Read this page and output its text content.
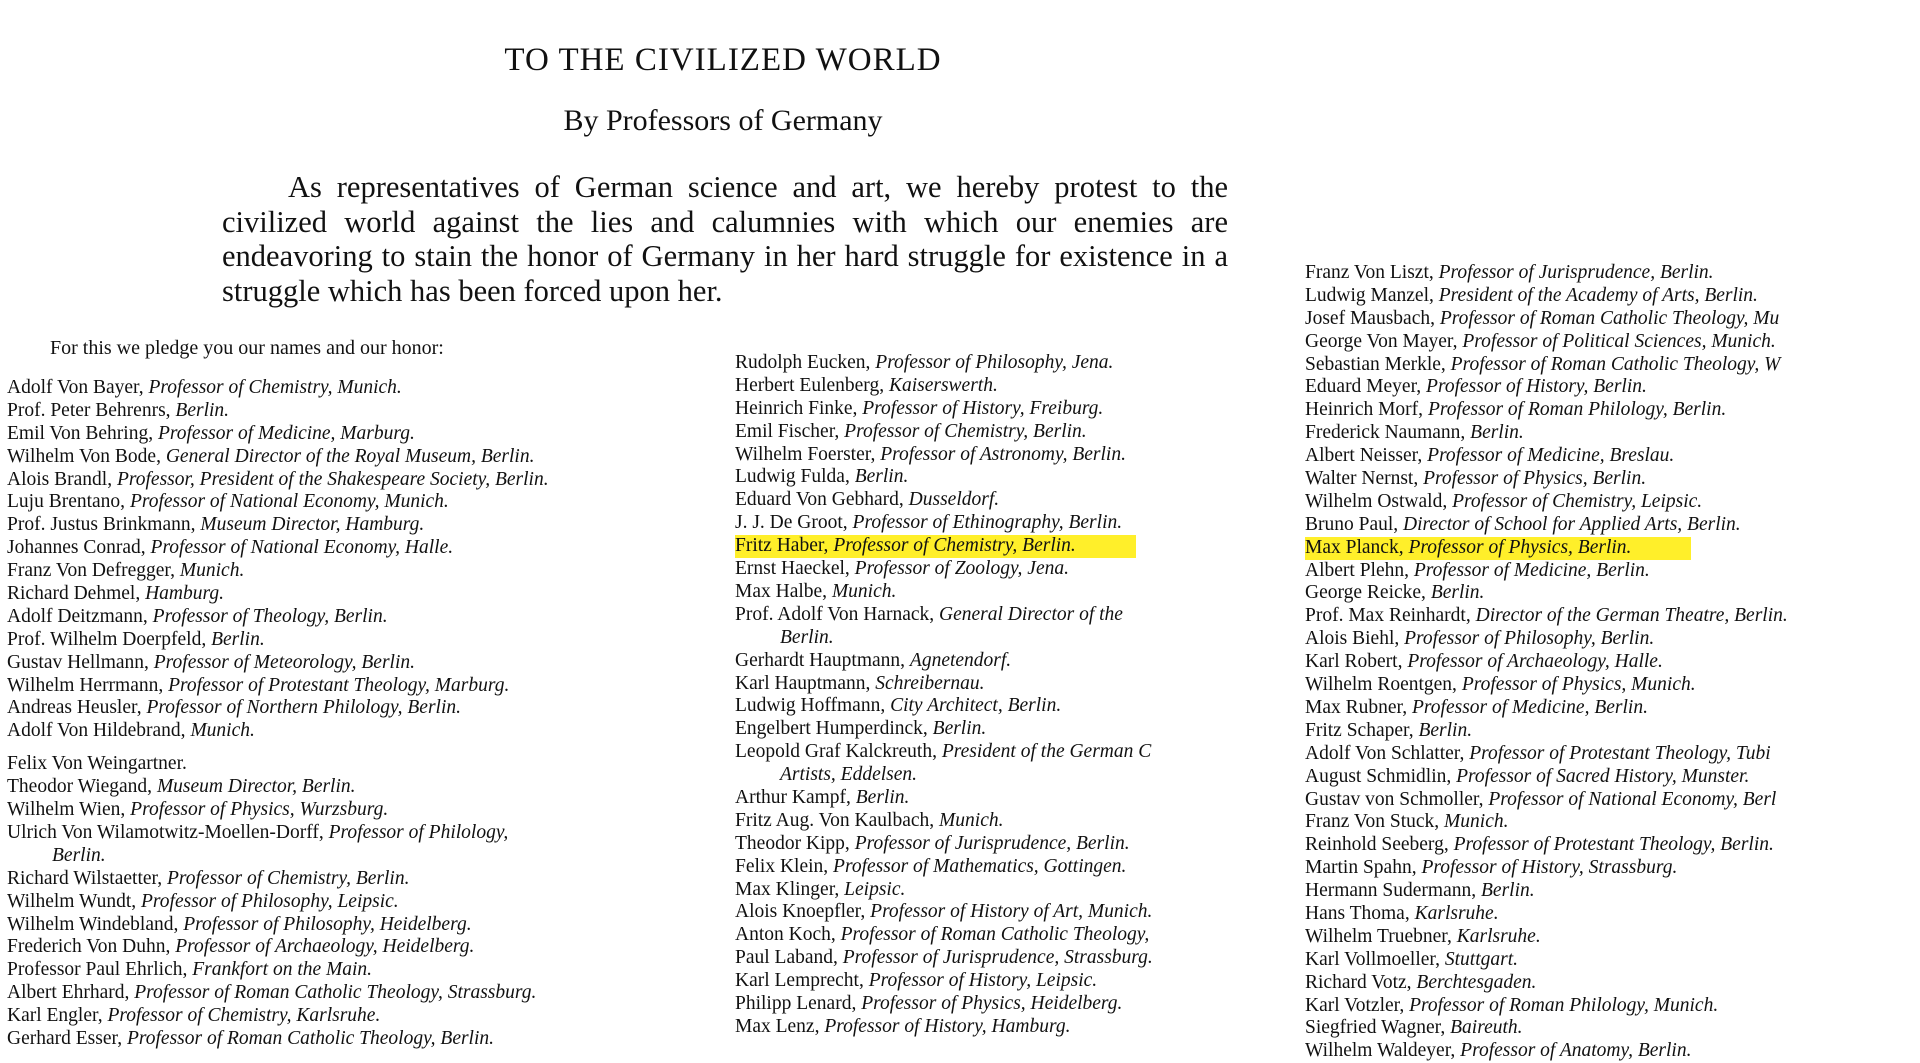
TO THE CIVILIZED WORLD
By Professors of Germany
As representatives of German science and art, we hereby protest to the civilized world against the lies and calumnies with which our enemies are endeavoring to stain the honor of Germany in her hard struggle for existence in a struggle which has been forced upon her.
For this we pledge you our names and our honor:
Adolf Von Bayer, Professor of Chemistry, Munich.
Prof. Peter Behrenrs, Berlin.
Emil Von Behring, Professor of Medicine, Marburg.
Wilhelm Von Bode, General Director of the Royal Museum, Berlin.
Alois Brandl, Professor, President of the Shakespeare Society, Berlin.
Luju Brentano, Professor of National Economy, Munich.
Prof. Justus Brinkmann, Museum Director, Hamburg.
Johannes Conrad, Professor of National Economy, Halle.
Franz Von Defregger, Munich.
Richard Dehmel, Hamburg.
Adolf Deitzmann, Professor of Theology, Berlin.
Prof. Wilhelm Doerpfeld, Berlin.
Gustav Hellmann, Professor of Meteorology, Berlin.
Wilhelm Herrmann, Professor of Protestant Theology, Marburg.
Andreas Heusler, Professor of Northern Philology, Berlin.
Adolf Von Hildebrand, Munich.
Felix Von Weingartner.
Theodor Wiegand, Museum Director, Berlin.
Wilhelm Wien, Professor of Physics, Wurzsburg.
Ulrich Von Wilamotwitz-Moellen-Dorff, Professor of Philology,
Berlin.
Richard Wilstaetter, Professor of Chemistry, Berlin.
Wilhelm Wundt, Professor of Philosophy, Leipsic.
Wilhelm Windebland, Professor of Philosophy, Heidelberg.
Frederich Von Duhn, Professor of Archaeology, Heidelberg.
Professor Paul Ehrlich, Frankfort on the Main.
Albert Ehrhard, Professor of Roman Catholic Theology, Strassburg.
Karl Engler, Professor of Chemistry, Karlsruhe.
Gerhard Esser, Professor of Roman Catholic Theology, Berlin.
Rudolph Eucken, Professor of Philosophy, Jena.
Herbert Eulenberg, Kaiserswerth.
Heinrich Finke, Professor of History, Freiburg.
Emil Fischer, Professor of Chemistry, Berlin.
Wilhelm Foerster, Professor of Astronomy, Berlin.
Ludwig Fulda, Berlin.
Eduard Von Gebhard, Dusseldorf.
J. J. De Groot, Professor of Ethinography, Berlin.
Fritz Haber, Professor of Chemistry, Berlin.

Ernst Haeckel, Professor of Zoology, Jena.
Max Halbe, Munich.
Prof. Adolf Von Harnack, General Director of the
Berlin.
Gerhardt Hauptmann, Agnetendorf.
Karl Hauptmann, Schreibernau.
Ludwig Hoffmann, City Architect, Berlin.
Engelbert Humperdinck, Berlin.
Leopold Graf Kalckreuth, President of the German C
Artists, Eddelsen.
Arthur Kampf, Berlin.
Fritz Aug. Von Kaulbach, Munich.
Theodor Kipp, Professor of Jurisprudence, Berlin.
Felix Klein, Professor of Mathematics, Gottingen.
Max Klinger, Leipsic.
Alois Knoepfler, Professor of History of Art, Munich.
Anton Koch, Professor of Roman Catholic Theology,
Paul Laband, Professor of Jurisprudence, Strassburg.
Karl Lemprecht, Professor of History, Leipsic.
Philipp Lenard, Professor of Physics, Heidelberg.
Max Lenz, Professor of History, Hamburg.
Franz Von Liszt, Professor of Jurisprudence, Berlin.
Ludwig Manzel, President of the Academy of Arts, Berlin.
Josef Mausbach, Professor of Roman Catholic Theology, Mu
George Von Mayer, Professor of Political Sciences, Munich.
Sebastian Merkle, Professor of Roman Catholic Theology, W
Eduard Meyer, Professor of History, Berlin.
Heinrich Morf, Professor of Roman Philology, Berlin.
Frederick Naumann, Berlin.
Albert Neisser, Professor of Medicine, Breslau.
Walter Nernst, Professor of Physics, Berlin.
Wilhelm Ostwald, Professor of Chemistry, Leipsic.
Bruno Paul, Director of School for Applied Arts, Berlin.
Max Planck, Professor of Physics, Berlin.

Albert Plehn, Professor of Medicine, Berlin.
George Reicke, Berlin.
Prof. Max Reinhardt, Director of the German Theatre, Berlin.
Alois Biehl, Professor of Philosophy, Berlin.
Karl Robert, Professor of Archaeology, Halle.
Wilhelm Roentgen, Professor of Physics, Munich.
Max Rubner, Professor of Medicine, Berlin.
Fritz Schaper, Berlin.
Adolf Von Schlatter, Professor of Protestant Theology, Tubi
August Schmidlin, Professor of Sacred History, Munster.
Gustav von Schmoller, Professor of National Economy, Berl
Franz Von Stuck, Munich.
Reinhold Seeberg, Professor of Protestant Theology, Berlin.
Martin Spahn, Professor of History, Strassburg.
Hermann Sudermann, Berlin.
Hans Thoma, Karlsruhe.
Wilhelm Truebner, Karlsruhe.
Karl Vollmoeller, Stuttgart.
Richard Votz, Berchtesgaden.
Karl Votzler, Professor of Roman Philology, Munich.
Siegfried Wagner, Baireuth.
Wilhelm Waldeyer, Professor of Anatomy, Berlin.
